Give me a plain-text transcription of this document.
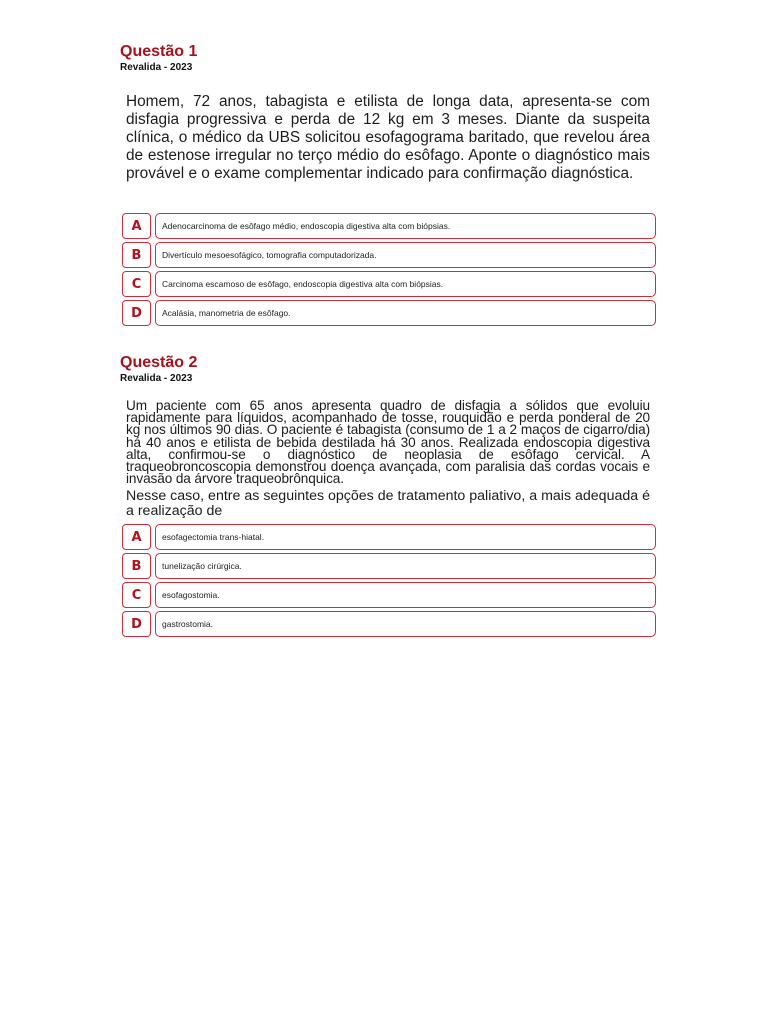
Questão 1

Revalida - 2023

Homem, 72 anos, tabagista e etilista de longa data, apresenta-se com disfagia progressiva e perda de 12 kg em 3 meses. Diante da suspeita clínica, o médico da UBS solicitou esofagograma baritado, que revelou área de estenose irregular no terço médio do esôfago. Aponte o diagnóstico mais provável e o exame complementar indicado para confirmação diagnóstica.

A	Adenocarcinoma de esôfago médio, endoscopia digestiva alta com biópsias.
B	Divertículo mesoesofágico, tomografia computadorizada.
C	Carcinoma escamoso de esôfago, endoscopia digestiva alta com biópsias.
D	Acalásia, manometria de esôfago.
Questão 2

Revalida - 2023

Um paciente com 65 anos apresenta quadro de disfagia a sólidos que evoluiu rapidamente para líquidos, acompanhado de tosse, rouquidão e perda ponderal de 20 kg nos últimos 90 dias. O paciente é tabagista (consumo de 1 a 2 maços de cigarro/dia) há 40 anos e etilista de bebida destilada há 30 anos. Realizada endoscopia digestiva alta, confirmou-se o diagnóstico de neoplasia de esôfago cervical. A traqueobroncoscopia demonstrou doença avançada, com paralisia das cordas vocais e invasão da árvore traqueobrônquica.

Nesse caso, entre as seguintes opções de tratamento paliativo, a mais adequada é a realização de

A	esofagectomia trans-hiatal.
B	tunelização cirúrgica.
C	esofagostomia.
D	gastrostomia.
